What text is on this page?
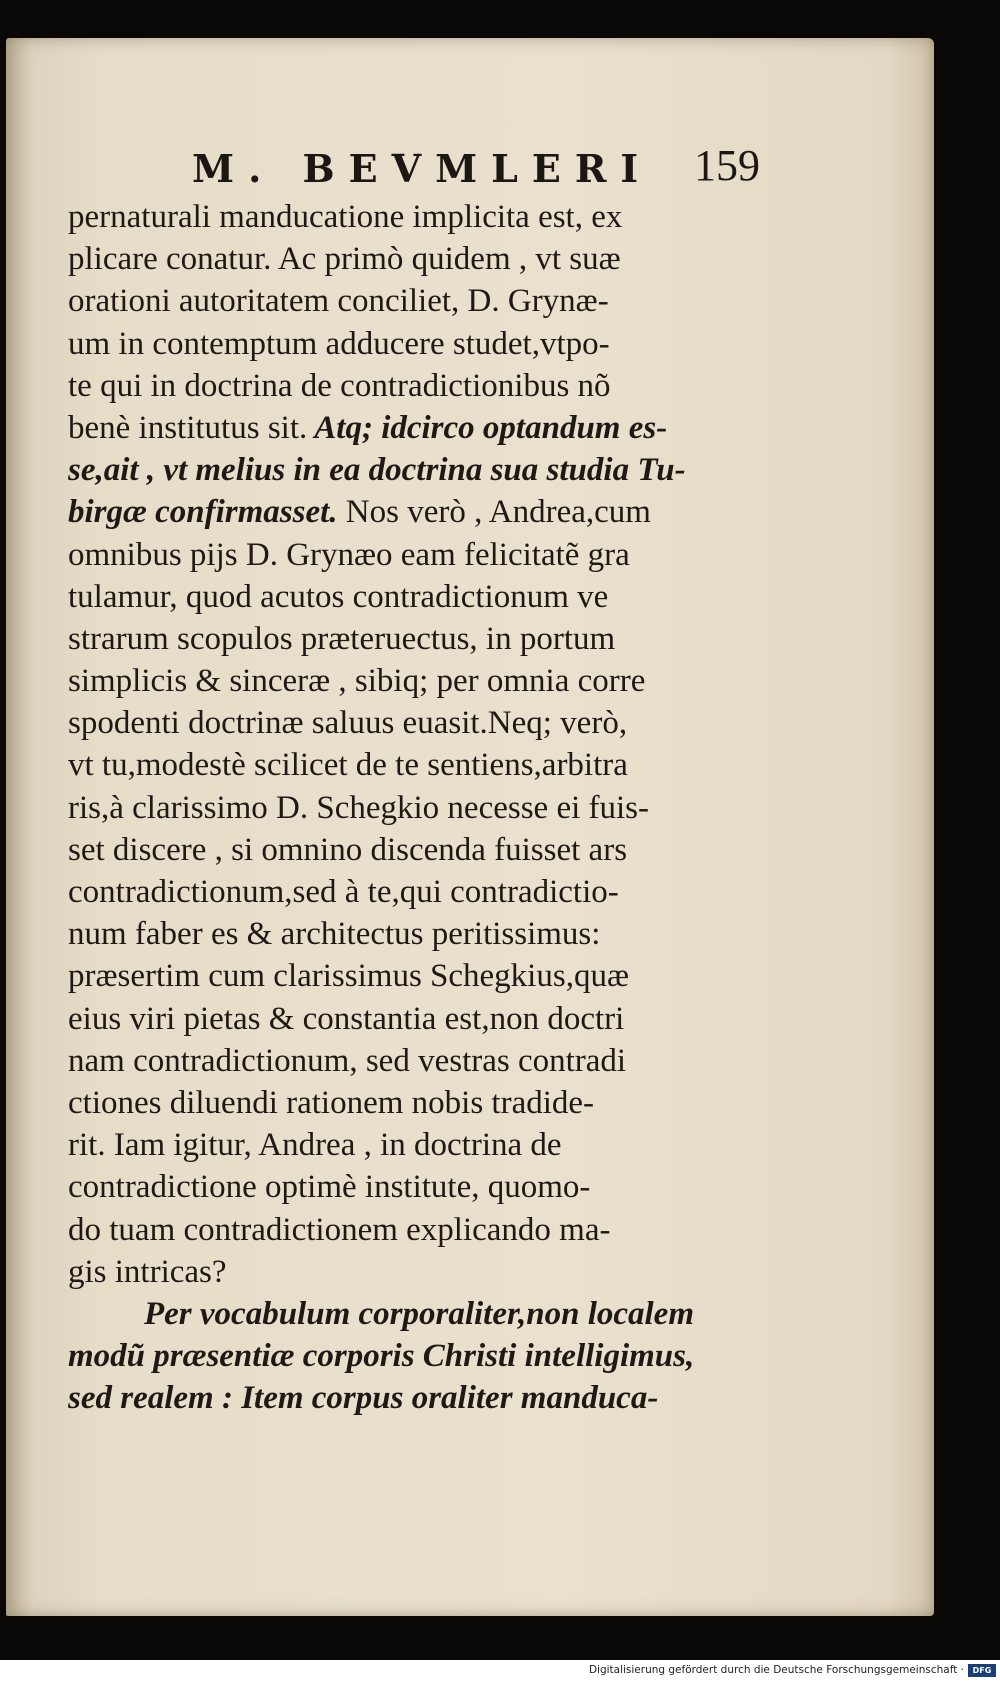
M. BEVMLERI 159
pernaturali manducatione implicita est, ex
plicare conatur. Ac primò quidem , vt suæ
orationi autoritatem conciliet, D. Grynæ-
um in contemptum adducere studet,vtpo-
te qui in doctrina de contradictionibus nõ
benè institutus sit. Atq; idcirco optandum es-
se,ait , vt melius in ea doctrina sua studia Tu-
birgæ confirmasset. Nos verò , Andrea,cum
omnibus pijs D. Grynæo eam felicitatẽ gra
tulamur, quod acutos contradictionum ve
strarum scopulos præteruectus, in portum
simplicis & sinceræ , sibiq; per omnia corre
spodenti doctrinæ saluus euasit.Neq; verò,
vt tu,modestè scilicet de te sentiens,arbitra
ris,à clarissimo D. Schegkio necesse ei fuis-
set discere , si omnino discenda fuisset ars
contradictionum,sed à te,qui contradictio-
num faber es & architectus peritissimus:
præsertim cum clarissimus Schegkius,quæ
eius viri pietas & constantia est,non doctri
nam contradictionum, sed vestras contradi
ctiones diluendi rationem nobis tradide-
rit. Iam igitur, Andrea , in doctrina de
contradictione optimè institute, quomo-
do tuam contradictionem explicando ma-
gis intricas?
Per vocabulum corporaliter,non localem
modũ præsentiæ corporis Christi intelligimus,
sed realem : Item corpus oraliter manduca-
Digitalisierung gefördert durch die Deutsche Forschungsgemeinschaft ·	DFG
